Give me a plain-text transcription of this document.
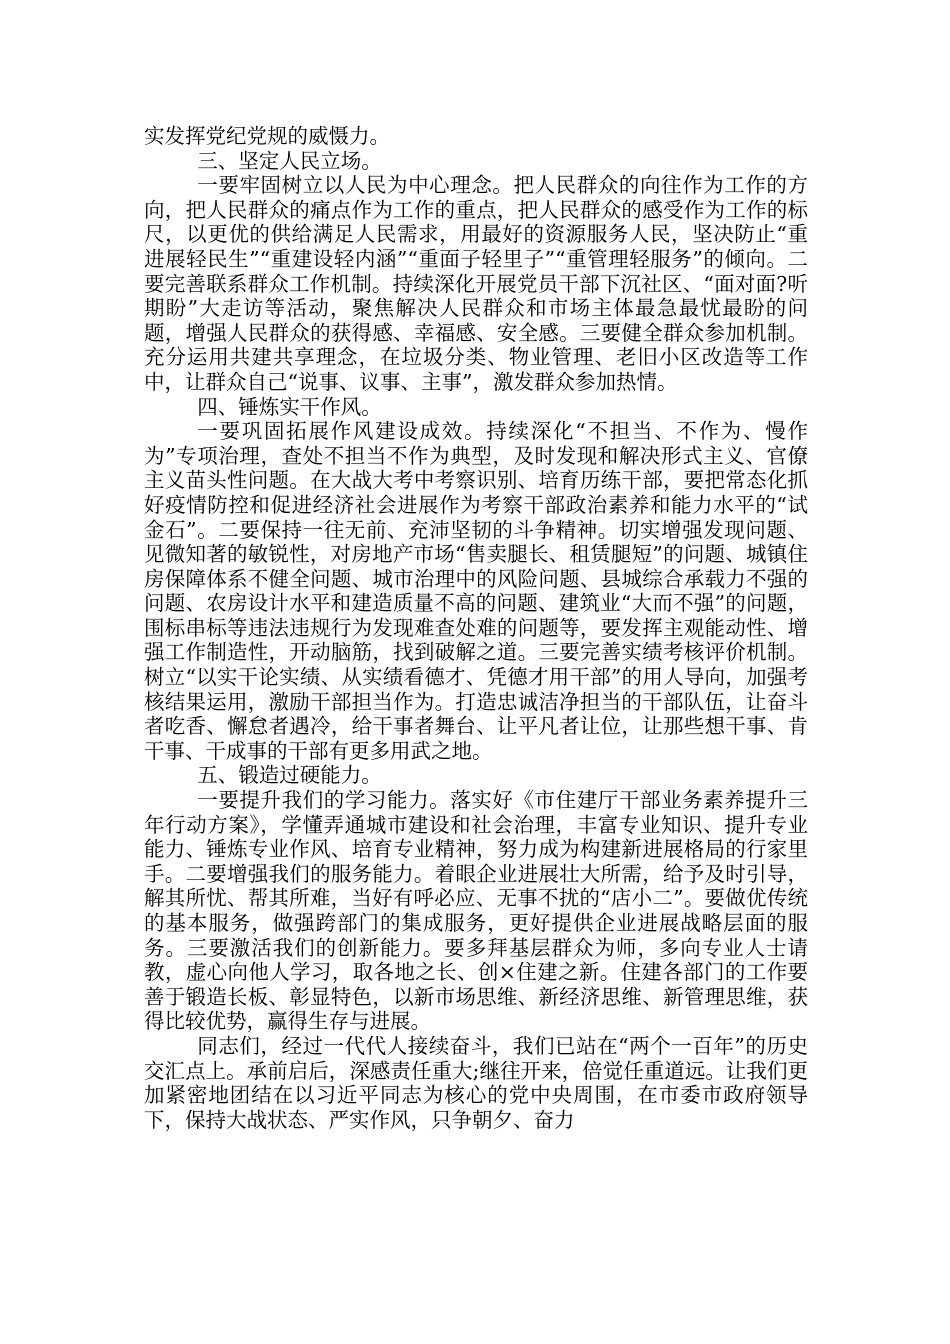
实发挥党纪党规的威慑力。

三、坚定人民立场。

一要牢固树立以人民为中心理念。把人民群众的向往作为工作的方向，把人民群众的痛点作为工作的重点，把人民群众的感受作为工作的标尺，以更优的供给满足人民需求，用最好的资源服务人民，坚决防止“重进展轻民生”“重建设轻内涵”“重面子轻里子”“重管理轻服务”的倾向。二要完善联系群众工作机制。持续深化开展党员干部下沉社区、“面对面?听期盼”大走访等活动，聚焦解决人民群众和市场主体最急最忧最盼的问题，增强人民群众的获得感、幸福感、安全感。三要健全群众参加机制。充分运用共建共享理念，在垃圾分类、物业管理、老旧小区改造等工作中，让群众自己“说事、议事、主事”，激发群众参加热情。

四、锤炼实干作风。

一要巩固拓展作风建设成效。持续深化“不担当、不作为、慢作为”专项治理，查处不担当不作为典型，及时发现和解决形式主义、官僚主义苗头性问题。在大战大考中考察识别、培育历练干部，要把常态化抓好疫情防控和促进经济社会进展作为考察干部政治素养和能力水平的“试金石”。二要保持一往无前、充沛坚韧的斗争精神。切实增强发现问题、见微知著的敏锐性，对房地产市场“售卖腿长、租赁腿短”的问题、城镇住房保障体系不健全问题、城市治理中的风险问题、县城综合承载力不强的问题、农房设计水平和建造质量不高的问题、建筑业“大而不强”的问题，围标串标等违法违规行为发现难查处难的问题等，要发挥主观能动性、增强工作制造性，开动脑筋，找到破解之道。三要完善实绩考核评价机制。树立“以实干论实绩、从实绩看德才、凭德才用干部”的用人导向，加强考核结果运用，激励干部担当作为。打造忠诚洁净担当的干部队伍，让奋斗者吃香、懈怠者遇冷，给干事者舞台、让平凡者让位，让那些想干事、肯干事、干成事的干部有更多用武之地。

五、锻造过硬能力。

一要提升我们的学习能力。落实好《市住建厅干部业务素养提升三年行动方案》，学懂弄通城市建设和社会治理，丰富专业知识、提升专业能力、锤炼专业作风、培育专业精神，努力成为构建新进展格局的行家里手。二要增强我们的服务能力。着眼企业进展壮大所需，给予及时引导，解其所忧、帮其所难，当好有呼必应、无事不扰的“店小二”。要做优传统的基本服务，做强跨部门的集成服务，更好提供企业进展战略层面的服务。三要激活我们的创新能力。要多拜基层群众为师，多向专业人士请教，虚心向他人学习，取各地之长、创×住建之新。住建各部门的工作要善于锻造长板、彰显特色，以新市场思维、新经济思维、新管理思维，获得比较优势，赢得生存与进展。

同志们，经过一代代人接续奋斗，我们已站在“两个一百年”的历史交汇点上。承前启后，深感责任重大;继往开来，倍觉任重道远。让我们更加紧密地团结在以习近平同志为核心的党中央周围，在市委市政府领导下，保持大战状态、严实作风，只争朝夕、奋力
